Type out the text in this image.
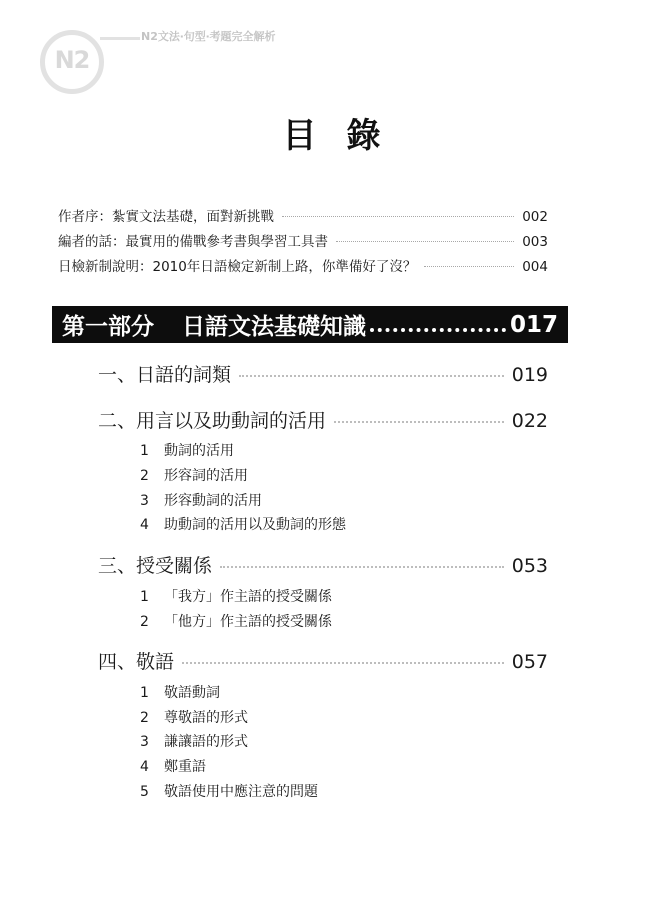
N2
N2文法‧句型‧考題完全解析
目錄
作者序：紮實文法基礎，面對新挑戰	002
編者的話：最實用的備戰參考書與學習工具書	003
日檢新制說明：2010年日語檢定新制上路，你準備好了沒？	004
第一部分 日語文法基礎知識	017
一、日語的詞類	019
二、用言以及助動詞的活用	022
1 動詞的活用
2 形容詞的活用
3 形容動詞的活用
4 助動詞的活用以及動詞的形態
三、授受關係	053
1 「我方」作主語的授受關係
2 「他方」作主語的授受關係
四、敬語	057
1 敬語動詞
2 尊敬語的形式
3 謙讓語的形式
4 鄭重語
5 敬語使用中應注意的問題
